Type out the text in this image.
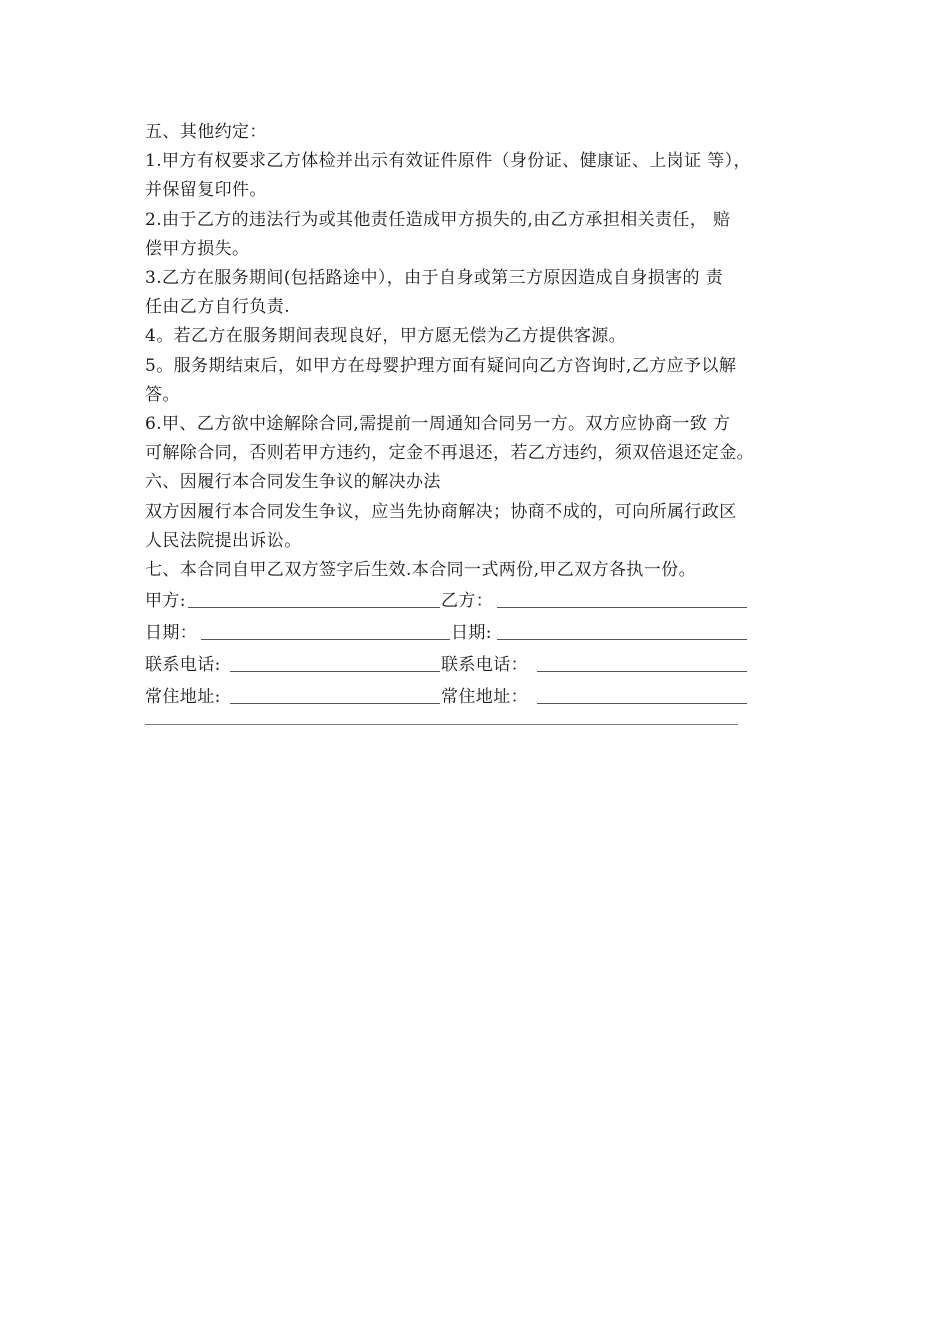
五、其他约定：
1.甲方有权要求乙方体检并出示有效证件原件（身份证、健康证、上岗证 等），
并保留复印件。
2.由于乙方的违法行为或其他责任造成甲方损失的,由乙方承担相关责任， 赔
偿甲方损失。
3.乙方在服务期间(包括路途中），由于自身或第三方原因造成自身损害的 责
任由乙方自行负责.
4。若乙方在服务期间表现良好，甲方愿无偿为乙方提供客源。
5。服务期结束后，如甲方在母婴护理方面有疑问向乙方咨询时,乙方应予以解
答。
6.甲、乙方欲中途解除合同,需提前一周通知合同另一方。双方应协商一致 方
可解除合同，否则若甲方违约，定金不再退还，若乙方违约，须双倍退还定金。
六、因履行本合同发生争议的解决办法
双方因履行本合同发生争议，应当先协商解决；协商不成的，可向所属行政区
人民法院提出诉讼。
七、本合同自甲乙双方签字后生效.本合同一式两份,甲乙双方各执一份。
甲方:	乙方：
日期：	日期:
联系电话:	联系电话：
常住地址:	常住地址：
